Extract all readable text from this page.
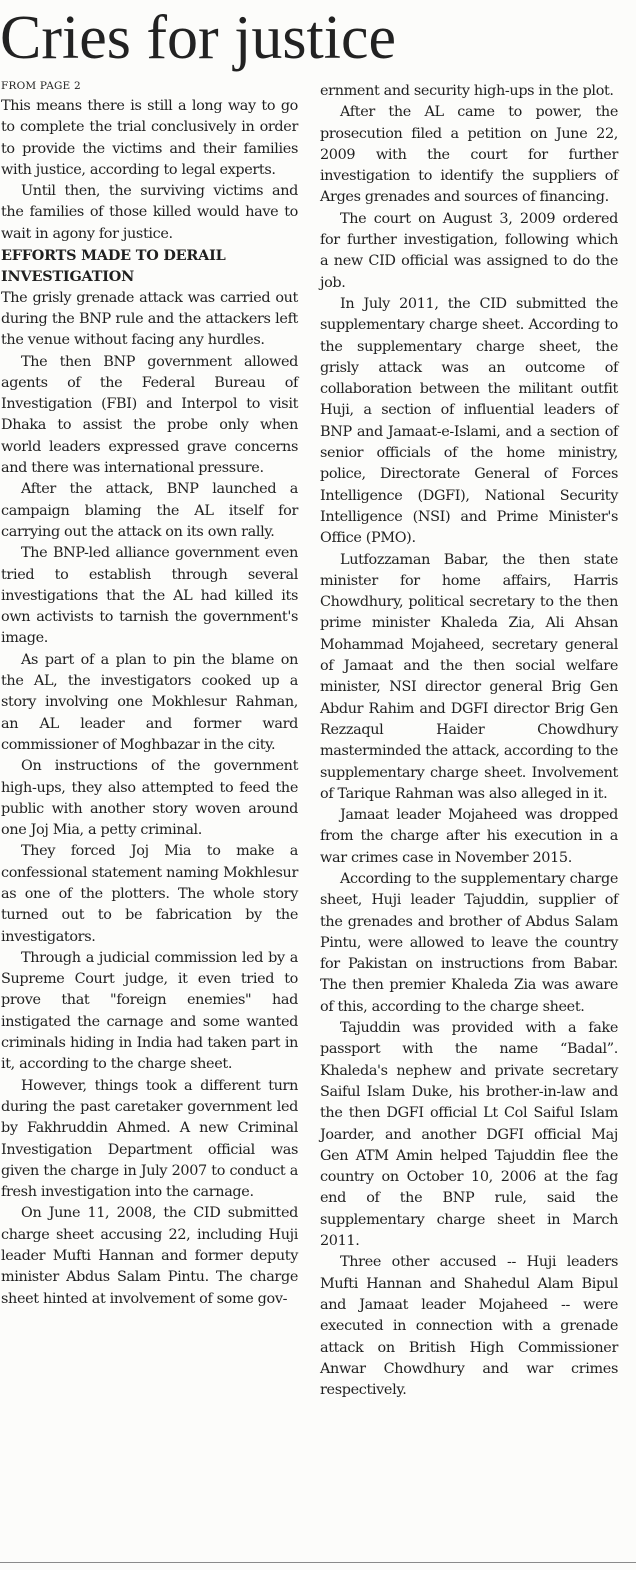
Cries for justice
FROM PAGE 2

This means there is still a long way to go to complete the trial conclusively in order to provide the victims and their families with justice, according to legal experts.

Until then, the surviving victims and the families of those killed would have to wait in agony for justice.

EFFORTS MADE TO DERAIL INVESTIGATION

The grisly grenade attack was carried out during the BNP rule and the attackers left the venue without facing any hurdles.

The then BNP government allowed agents of the Federal Bureau of Investigation (FBI) and Interpol to visit Dhaka to assist the probe only when world leaders expressed grave concerns and there was international pressure.

After the attack, BNP launched a campaign blaming the AL itself for carrying out the attack on its own rally.

The BNP-led alliance government even tried to establish through several investigations that the AL had killed its own activists to tarnish the government's image.

As part of a plan to pin the blame on the AL, the investigators cooked up a story involving one Mokhlesur Rahman, an AL leader and former ward commissioner of Moghbazar in the city.

On instructions of the government high-ups, they also attempted to feed the public with another story woven around one Joj Mia, a petty criminal.

They forced Joj Mia to make a confessional statement naming Mokhlesur as one of the plotters. The whole story turned out to be fabrication by the investigators.

Through a judicial commission led by a Supreme Court judge, it even tried to prove that "foreign enemies" had instigated the carnage and some wanted criminals hiding in India had taken part in it, according to the charge sheet.

However, things took a different turn during the past caretaker government led by Fakhruddin Ahmed. A new Criminal Investigation Department official was given the charge in July 2007 to conduct a fresh investigation into the carnage.

On June 11, 2008, the CID submitted charge sheet accusing 22, including Huji leader Mufti Hannan and former deputy minister Abdus Salam Pintu. The charge sheet hinted at involvement of some gov-

ernment and security high-ups in the plot.

After the AL came to power, the prosecution filed a petition on June 22, 2009 with the court for further investigation to identify the suppliers of Arges grenades and sources of financing.

The court on August 3, 2009 ordered for further investigation, following which a new CID official was assigned to do the job.

In July 2011, the CID submitted the supplementary charge sheet. According to the supplementary charge sheet, the grisly attack was an outcome of collaboration between the militant outfit Huji, a section of influential leaders of BNP and Jamaat-e-Islami, and a section of senior officials of the home ministry, police, Directorate General of Forces Intelligence (DGFI), National Security Intelligence (NSI) and Prime Minister's Office (PMO).

Lutfozzaman Babar, the then state minister for home affairs, Harris Chowdhury, political secretary to the then prime minister Khaleda Zia, Ali Ahsan Mohammad Mojaheed, secretary general of Jamaat and the then social welfare minister, NSI director general Brig Gen Abdur Rahim and DGFI director Brig Gen Rezzaqul Haider Chowdhury masterminded the attack, according to the supplementary charge sheet. Involvement of Tarique Rahman was also alleged in it.

Jamaat leader Mojaheed was dropped from the charge after his execution in a war crimes case in November 2015.

According to the supplementary charge sheet, Huji leader Tajuddin, supplier of the grenades and brother of Abdus Salam Pintu, were allowed to leave the country for Pakistan on instructions from Babar. The then premier Khaleda Zia was aware of this, according to the charge sheet.

Tajuddin was provided with a fake passport with the name “Badal”. Khaleda's nephew and private secretary Saiful Islam Duke, his brother-in-law and the then DGFI official Lt Col Saiful Islam Joarder, and another DGFI official Maj Gen ATM Amin helped Tajuddin flee the country on October 10, 2006 at the fag end of the BNP rule, said the supplementary charge sheet in March 2011.

Three other accused -- Huji leaders Mufti Hannan and Shahedul Alam Bipul and Jamaat leader Mojaheed -- were executed in connection with a grenade attack on British High Commissioner Anwar Chowdhury and war crimes respectively.
